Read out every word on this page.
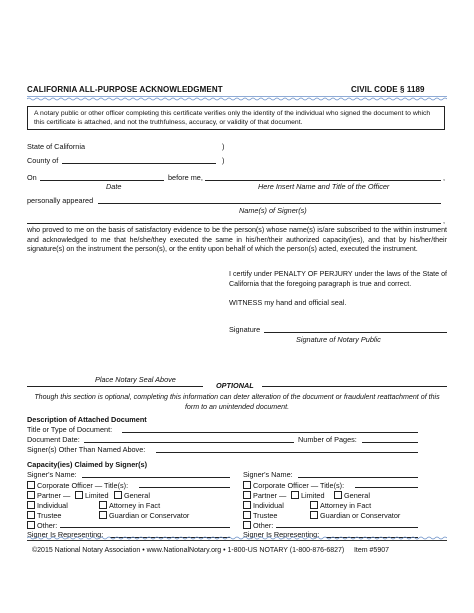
CALIFORNIA ALL-PURPOSE ACKNOWLEDGMENT	CIVIL CODE § 1189
A notary public or other officer completing this certificate verifies only the identity of the individual who signed the document to which this certificate is attached, and not the truthfulness, accuracy, or validity of that document.
State of California	)
County of	)
On	before me,	,
Date	Here Insert Name and Title of the Officer
personally appeared
Name(s) of Signer(s)
,
who proved to me on the basis of satisfactory evidence to be the person(s) whose name(s) is/are subscribed to the within instrument and acknowledged to me that he/she/they executed the same in his/her/their authorized capacity(ies), and that by his/her/their signature(s) on the instrument the person(s), or the entity upon behalf of which the person(s) acted, executed the instrument.
I certify under PENALTY OF PERJURY under the laws of the State of California that the foregoing paragraph is true and correct.
WITNESS my hand and official seal.
Signature
Signature of Notary Public
Place Notary Seal Above
OPTIONAL
Though this section is optional, completing this information can deter alteration of the document or fraudulent reattachment of this form to an unintended document.
Description of Attached Document
Title or Type of Document:
Document Date:	Number of Pages:
Signer(s) Other Than Named Above:
Capacity(ies) Claimed by Signer(s)
Signer's Name:
Corporate Officer — Title(s):
Partner —	Limited	General
Individual	Attorney in Fact
Trustee	Guardian or Conservator
Other:
Signer Is Representing:
Signer's Name:
Corporate Officer — Title(s):
Partner —	Limited	General
Individual	Attorney in Fact
Trustee	Guardian or Conservator
Other:
Signer Is Representing:
©2015 National Notary Association • www.NationalNotary.org • 1-800-US NOTARY (1-800-876-6827)     Item #5907
